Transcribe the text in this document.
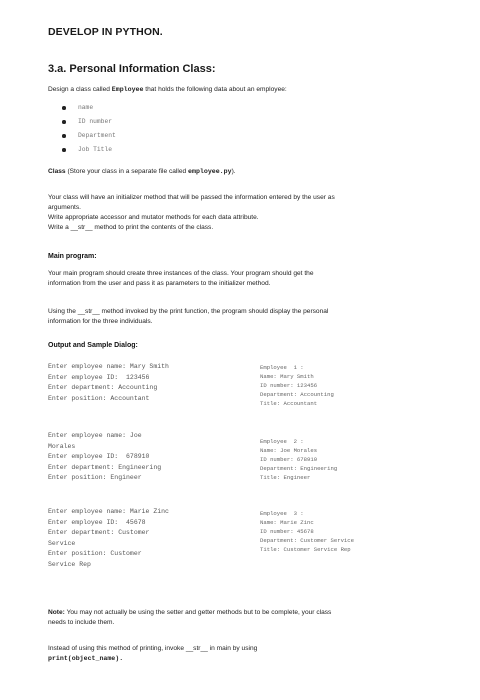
DEVELOP IN PYTHON.
3.a. Personal Information Class:
Design a class called Employee that holds the following data about an employee:
name
ID number
Department
Job Title
Class (Store your class in a separate file called employee.py).
Your class will have an initializer method that will be passed the information entered by the user as
arguments.
Write appropriate accessor and mutator methods for each data attribute.
Write a __str__ method to print the contents of the class.
Main program:
Your main program should create three instances of the class. Your program should get the
information from the user and pass it as parameters to the initializer method.
Using the __str__ method invoked by the print function, the program should display the personal
information for the three individuals.
Output and Sample Dialog:
Enter employee name: Mary Smith
Enter employee ID:  123456
Enter department: Accounting
Enter position: Accountant
Employee  1 :
Name: Mary Smith
ID number: 123456
Department: Accounting
Title: Accountant
Enter employee name: Joe
Morales
Enter employee ID:  678910
Enter department: Engineering
Enter position: Engineer
Employee  2 :
Name: Joe Morales
ID number: 678910
Department: Engineering
Title: Engineer
Enter employee name: Marie Zinc
Enter employee ID:  45678
Enter department: Customer
Service
Enter position: Customer
Service Rep
Employee  3 :
Name: Marie Zinc
ID number: 45678
Department: Customer Service
Title: Customer Service Rep
Note: You may not actually be using the setter and getter methods but to be complete, your class
needs to include them.
Instead of using this method of printing, invoke __str__ in main by using
print(object_name).
